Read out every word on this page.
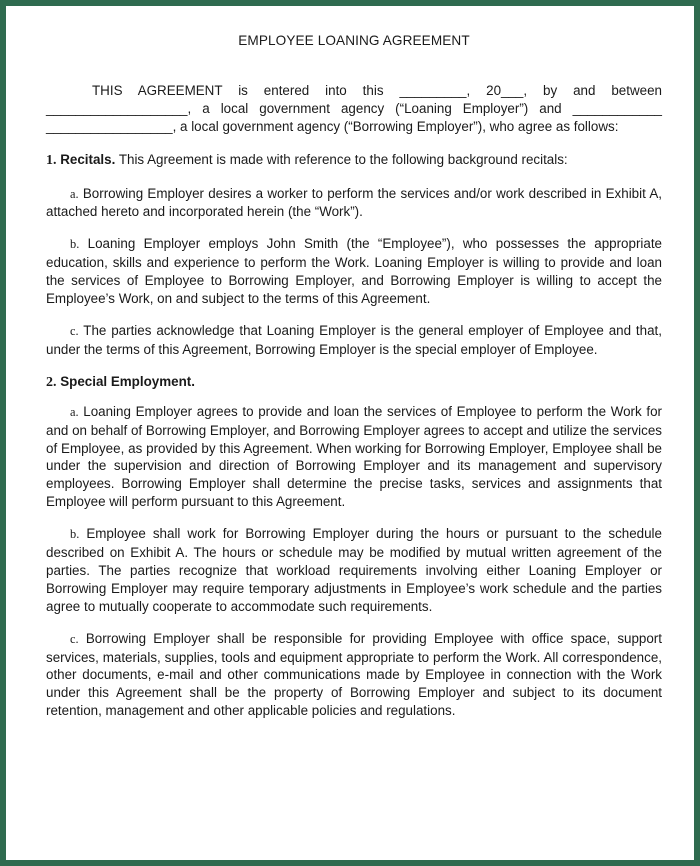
EMPLOYEE LOANING AGREEMENT

THIS AGREEMENT is entered into this _________, 20___, by and between ___________________, a local government agency (“Loaning Employer”) and ____________ _________________, a local government agency (“Borrowing Employer”), who agree as follows:

1. Recitals. This Agreement is made with reference to the following background recitals:

a. Borrowing Employer desires a worker to perform the services and/or work described in Exhibit A, attached hereto and incorporated herein (the “Work”).

b. Loaning Employer employs John Smith (the “Employee”), who possesses the appropriate education, skills and experience to perform the Work. Loaning Employer is willing to provide and loan the services of Employee to Borrowing Employer, and Borrowing Employer is willing to accept the Employee’s Work, on and subject to the terms of this Agreement.

c. The parties acknowledge that Loaning Employer is the general employer of Employee and that, under the terms of this Agreement, Borrowing Employer is the special employer of Employee.

2. Special Employment.

a. Loaning Employer agrees to provide and loan the services of Employee to perform the Work for and on behalf of Borrowing Employer, and Borrowing Employer agrees to accept and utilize the services of Employee, as provided by this Agreement. When working for Borrowing Employer, Employee shall be under the supervision and direction of Borrowing Employer and its management and supervisory employees. Borrowing Employer shall determine the precise tasks, services and assignments that Employee will perform pursuant to this Agreement.

b. Employee shall work for Borrowing Employer during the hours or pursuant to the schedule described on Exhibit A. The hours or schedule may be modified by mutual written agreement of the parties. The parties recognize that workload requirements involving either Loaning Employer or Borrowing Employer may require temporary adjustments in Employee’s work schedule and the parties agree to mutually cooperate to accommodate such requirements.

c. Borrowing Employer shall be responsible for providing Employee with office space, support services, materials, supplies, tools and equipment appropriate to perform the Work. All correspondence, other documents, e-mail and other communications made by Employee in connection with the Work under this Agreement shall be the property of Borrowing Employer and subject to its document retention, management and other applicable policies and regulations.
